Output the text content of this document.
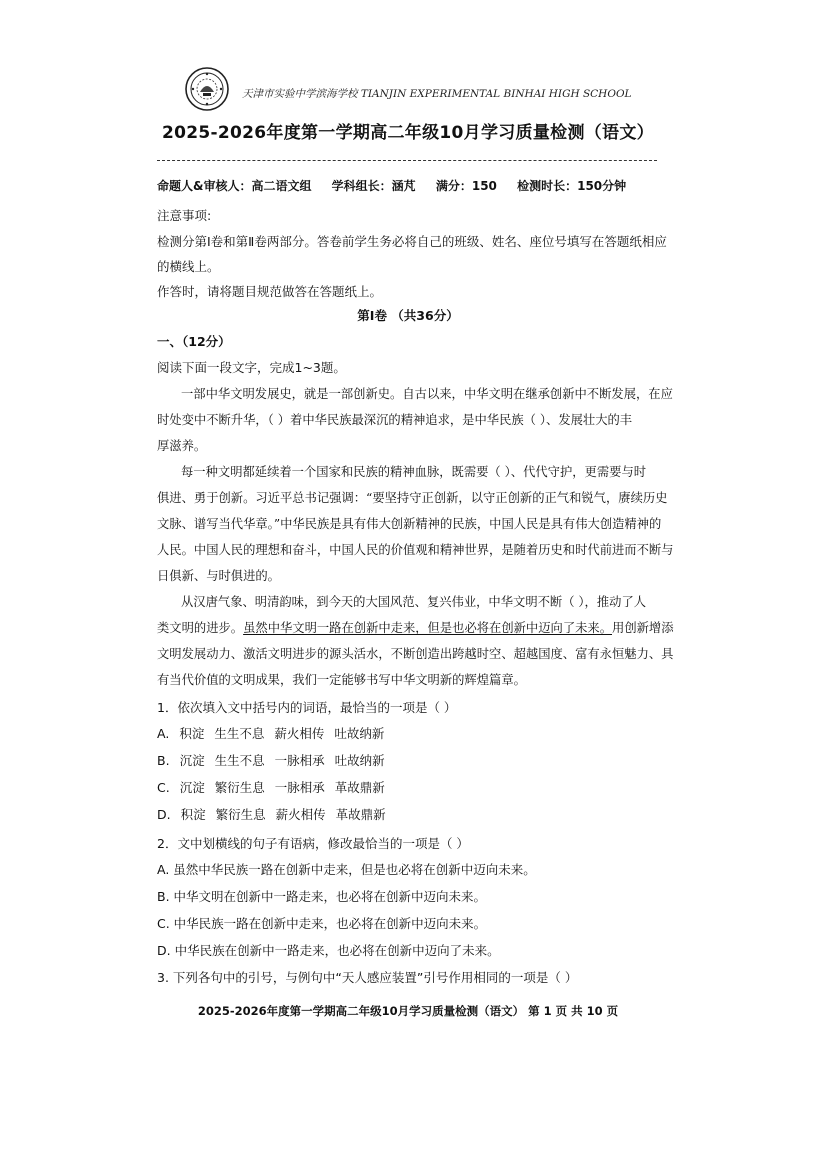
天津市实验中学滨海学校 TIANJIN EXPERIMENTAL BINHAI HIGH SCHOOL
2025-2026年度第一学期高二年级10月学习质量检测（语文）
命题人&审核人：高二语文组 学科组长：涵芃 满分：150 检测时长：150分钟
注意事项:
检测分第Ⅰ卷和第Ⅱ卷两部分。答卷前学生务必将自己的班级、姓名、座位号填写在答题纸相应
的横线上。
作答时，请将题目规范做答在答题纸上。
第Ⅰ卷 （共36分）
一、（12分）
阅读下面一段文字，完成1~3题。
一部中华文明发展史，就是一部创新史。自古以来，中华文明在继承创新中不断发展，在应
时处变中不断升华，（ ）着中华民族最深沉的精神追求，是中华民族（ ）、发展壮大的丰
厚滋养。
每一种文明都延续着一个国家和民族的精神血脉，既需要（ ）、代代守护，更需要与时
俱进、勇于创新。习近平总书记强调：“要坚持守正创新，以守正创新的正气和锐气，赓续历史
文脉、谱写当代华章。”中华民族是具有伟大创新精神的民族，中国人民是具有伟大创造精神的
人民。中国人民的理想和奋斗，中国人民的价值观和精神世界，是随着历史和时代前进而不断与
日俱新、与时俱进的。
从汉唐气象、明清韵味，到今天的大国风范、复兴伟业，中华文明不断（ ），推动了人
类文明的进步。虽然中华文明一路在创新中走来，但是也必将在创新中迈向了未来。用创新增添
文明发展动力、激活文明进步的源头活水，不断创造出跨越时空、超越国度、富有永恒魅力、具
有当代价值的文明成果，我们一定能够书写中华文明新的辉煌篇章。
1．依次填入文中括号内的词语，最恰当的一项是（ ）
A. 积淀 生生不息 薪火相传 吐故纳新
B. 沉淀 生生不息 一脉相承 吐故纳新
C. 沉淀 繁衍生息 一脉相承 革故鼎新
D. 积淀 繁衍生息 薪火相传 革故鼎新
2．文中划横线的句子有语病，修改最恰当的一项是（ ）
A. 虽然中华民族一路在创新中走来，但是也必将在创新中迈向未来。
B. 中华文明在创新中一路走来，也必将在创新中迈向未来。
C. 中华民族一路在创新中走来，也必将在创新中迈向未来。
D. 中华民族在创新中一路走来，也必将在创新中迈向了未来。
3. 下列各句中的引号，与例句中“天人感应装置”引号作用相同的一项是（ ）
2025-2026年度第一学期高二年级10月学习质量检测（语文） 第 1 页 共 10 页
